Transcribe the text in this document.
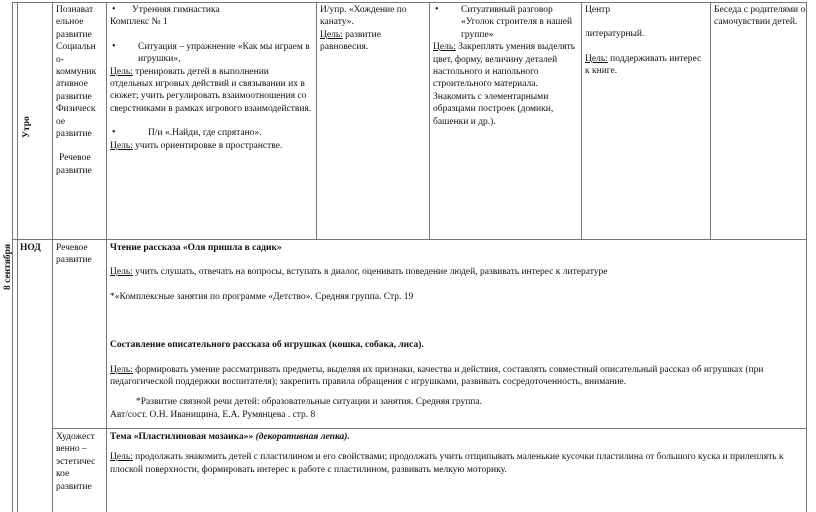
8 сентября
Утро

Познават

ельное

развитие

Социальн

о-

коммуник

ативное

развитие

Физическ

ое

развитие

Речевое

развитие

• Утренняя гимнастика

Комплекс № 1

• Ситуация – упражнение «Как мы играем в игрушки»,

Цель: тренировать детей в выполнении отдельных игровых действий и связывании их в сюжет; учить регулировать взаимоотношения со сверстниками в рамках игрового взаимодействия.

• П/и «.Найди, где спрятано».

Цель: учить ориентировке в пространстве.

И/упр. «Хождение по канату».

Цель: развитие равновесия.

• Ситуативный разговор «Уголок строителя в нашей группе»

Цель: Закреплять умения выделять цвет, форму, величину деталей настольного и напольного строительного материала. Знакомить с элементарными образцами построек (домики, башенки и др.).

Центр

литературный.

Цель: поддерживать интерес к книге.

Беседа с родителями о самочувствии детей.

НОД	Речевое

развитие

Чтение рассказа «Оля пришла в садик»

Цель: учить слушать, отвечать на вопросы, вступать в диалог, оценивать поведение людей, развивать интерес к литературе

*«Комплексные занятия по программе «Детство». Средняя группа. Стр. 19

Составление описательного рассказа об игрушках (кошка, собака, лиса).

Цель: формировать умение рассматривать предметы, выделяя их признаки, качества и действия, составлять совместный описательный рассказ об игрушках (при педагогической поддержки воспитателя); закрепить правила обращения с игрушками, развивать сосредоточенность, внимание.

*Развитие связной речи детей: образовательные ситуации и занятия. Средняя группа.

Авт/сост. О.Н. Иванищина, Е.А. Румянцева . стр. 8

Художест

венно –

эстетичес

кое

развитие

Тема «Пластилиновая мозаика»» (декоративная лепка).

Цель: продолжать знакомить детей с пластилином и его свойствами; продолжать учить отщипывать маленькие кусочки пластилина от большого куска и прилеплять к плоской поверхности, формировать интерес к работе с пластилином, развивать мелкую моторику.
